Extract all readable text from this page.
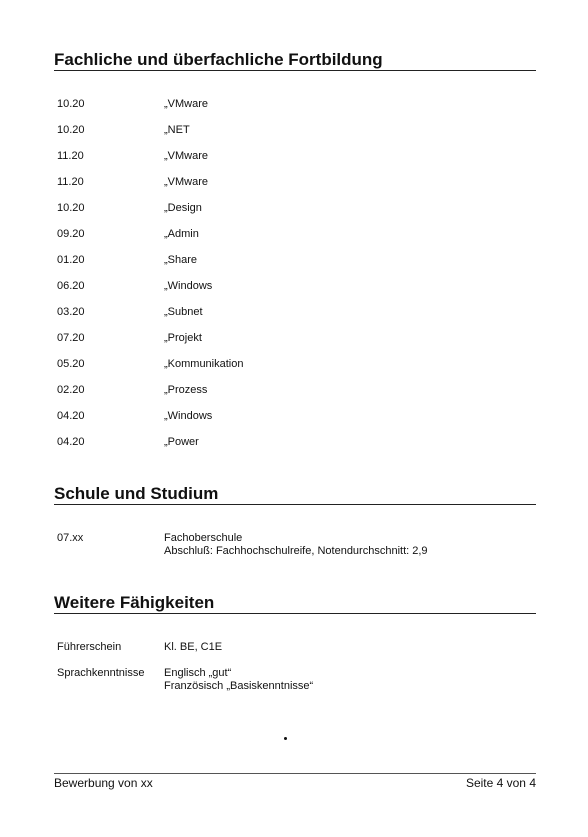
Fachliche und überfachliche Fortbildung
10.20	„VMware
10.20	„NET
11.20	„VMware
11.20	„VMware
10.20	„Design
09.20	„Admin
01.20	„Share
06.20	„Windows
03.20	„Subnet
07.20	„Projekt
05.20	„Kommunikation
02.20	„Prozess
04.20	„Windows
04.20	„Power
Schule und Studium
07.xx	Fachoberschule
Abschluß: Fachhochschulreife, Notendurchschnitt: 2,9
Weitere Fähigkeiten
Führerschein	Kl. BE, C1E
Sprachkenntnisse Englisch „gut“
Französisch „Basiskenntnisse“
Bewerbung von xx	Seite 4 von 4
